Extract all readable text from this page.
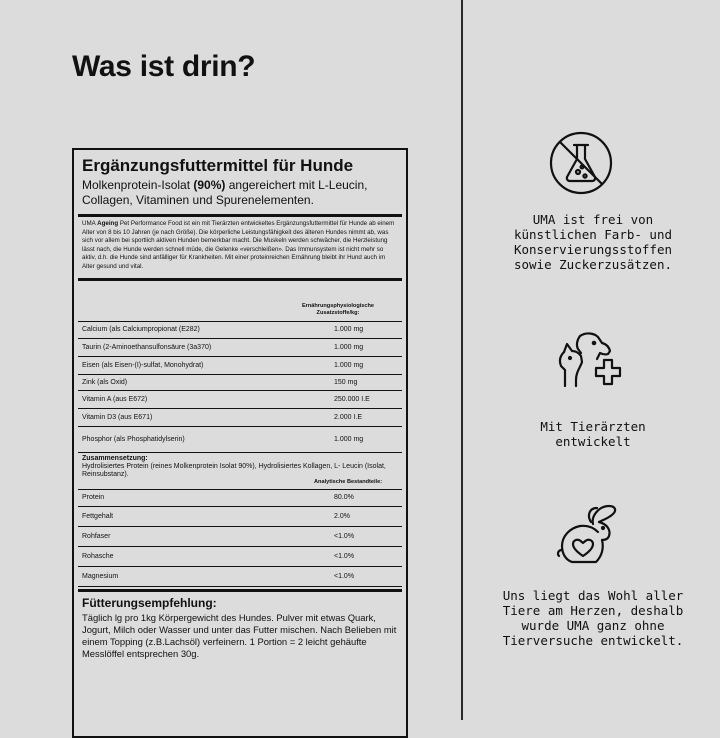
Was ist drin?
Ergänzungsfuttermittel für Hunde
Molkenprotein-Isolat (90%) angereichert mit L-Leucin, Collagen, Vitaminen und Spurenelementen.
UMA Ageing Pet Performance Food ist ein mit Tierärzten entwickeltes Ergänzungsfuttermittel für Hunde ab einem Alter von 8 bis 10 Jahren (je nach Größe). Die körperliche Leistungsfähigkeit des älteren Hundes nimmt ab, was sich vor allem bei sportlich aktiven Hunden bemerkbar macht. Die Muskeln werden schwächer, die Herzleistung lässt nach, die Hunde werden schnell müde, die Gelenke «verschleißen». Das Immunsystem ist nicht mehr so aktiv, d.h. die Hunde sind anfälliger für Krankheiten. Mit einer proteinreichen Ernährung bleibt ihr Hund auch im Alter gesund und vital.
Ernährungsphysiologische Zusatzstoffe/kg:
Calcium (als Calciumpropionat (E282)	1.000 mg
Taurin (2-Aminoethansulfonsäure (3a370)	1.000 mg
Eisen (als Eisen-(I)-sulfat, Monohydrat)	1.000 mg
Zink (als Oxid)	150 mg
Vitamin A (aus E672)	250.000 I.E
Vitamin D3 (aus E671)	2.000 I.E
Phosphor (als Phosphatidylserin)	1.000 mg
Zusammensetzung:
Hydrolisiertes Protein (reines Molkenprotein Isolat 90%), Hydrolisiertes Kollagen, L- Leucin (Isolat, Reinsubstanz).
Analytische Bestandteile:
Protein	80.0%
Fettgehalt	2.0%
Rohfaser	<1.0%
Rohasche	<1.0%
Magnesium	<1.0%
Fütterungsempfehlung:
Täglich lg pro 1kg Körpergewicht des Hundes. Pulver mit etwas Quark, Jogurt, Milch oder Wasser und unter das Futter mischen. Nach Belieben mit einem Topping (z.B.Lachsöl) verfeinern. 1 Portion = 2 leicht gehäufte Messlöffel entsprechen 30g.
UMA ist frei von
künstlichen Farb- und
Konservierungsstoffen
sowie Zuckerzusätzen.
Mit Tierärzten
entwickelt
Uns liegt das Wohl aller
Tiere am Herzen, deshalb
wurde UMA ganz ohne
Tierversuche entwickelt.
